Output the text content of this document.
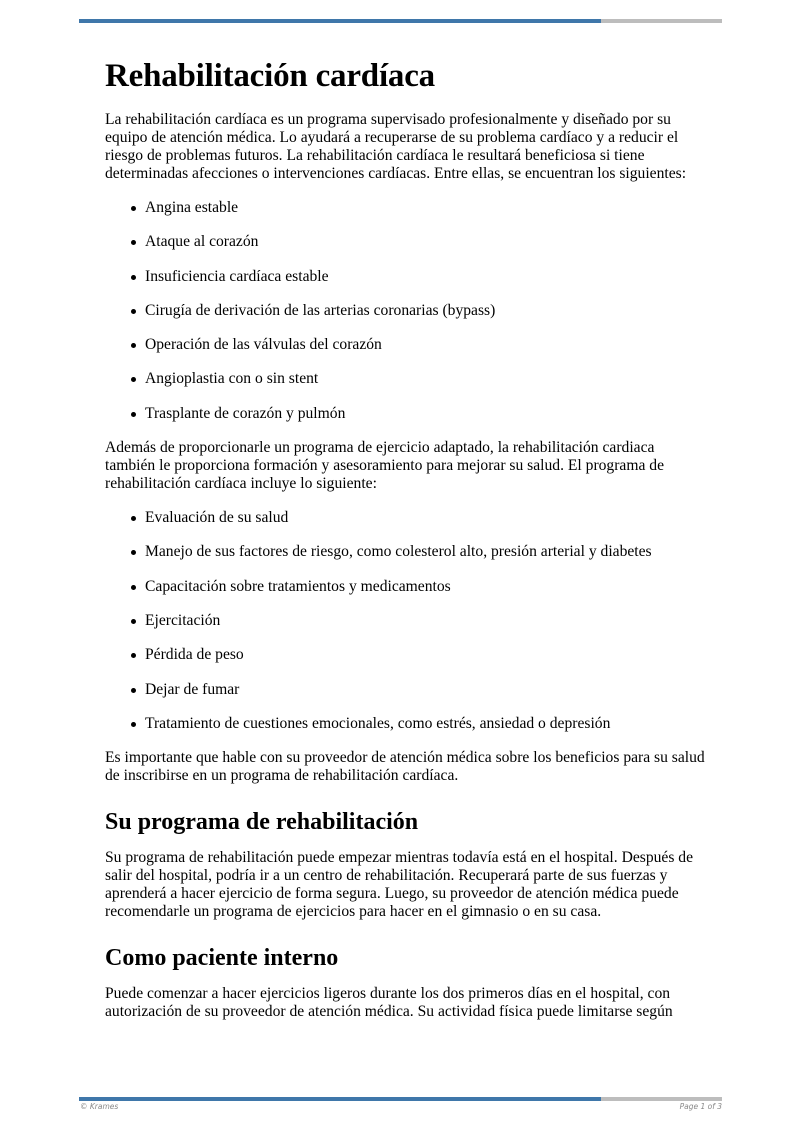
Rehabilitación cardíaca

La rehabilitación cardíaca es un programa supervisado profesionalmente y diseñado por su equipo de atención médica. Lo ayudará a recuperarse de su problema cardíaco y a reducir el riesgo de problemas futuros. La rehabilitación cardíaca le resultará beneficiosa si tiene determinadas afecciones o intervenciones cardíacas. Entre ellas, se encuentran los siguientes:

Angina estable
Ataque al corazón
Insuficiencia cardíaca estable
Cirugía de derivación de las arterias coronarias (bypass)
Operación de las válvulas del corazón
Angioplastia con o sin stent
Trasplante de corazón y pulmón

Además de proporcionarle un programa de ejercicio adaptado, la rehabilitación cardiaca también le proporciona formación y asesoramiento para mejorar su salud. El programa de rehabilitación cardíaca incluye lo siguiente:

Evaluación de su salud
Manejo de sus factores de riesgo, como colesterol alto, presión arterial y diabetes
Capacitación sobre tratamientos y medicamentos
Ejercitación
Pérdida de peso
Dejar de fumar
Tratamiento de cuestiones emocionales, como estrés, ansiedad o depresión

Es importante que hable con su proveedor de atención médica sobre los beneficios para su salud de inscribirse en un programa de rehabilitación cardíaca.

Su programa de rehabilitación

Su programa de rehabilitación puede empezar mientras todavía está en el hospital. Después de salir del hospital, podría ir a un centro de rehabilitación. Recuperará parte de sus fuerzas y aprenderá a hacer ejercicio de forma segura. Luego, su proveedor de atención médica puede recomendarle un programa de ejercicios para hacer en el gimnasio o en su casa.

Como paciente interno

Puede comenzar a hacer ejercicios ligeros durante los dos primeros días en el hospital, con autorización de su proveedor de atención médica. Su actividad física puede limitarse según

© Krames	Page 1 of 3
